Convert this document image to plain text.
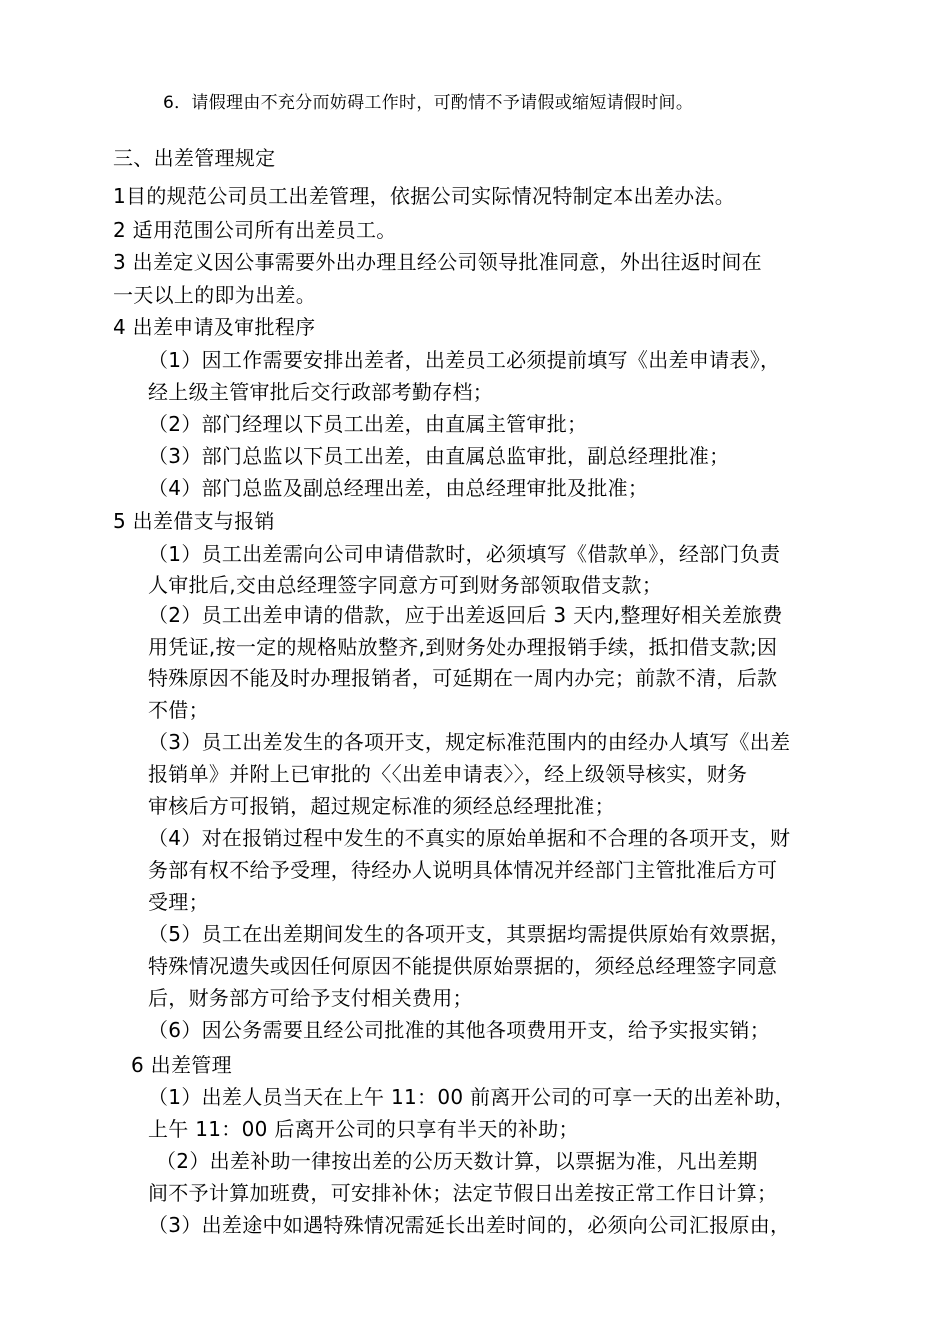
6．请假理由不充分而妨碍工作时，可酌情不予请假或缩短请假时间。
三、出差管理规定
1目的规范公司员工出差管理，依据公司实际情况特制定本出差办法。
2 适用范围公司所有出差员工。
3 出差定义因公事需要外出办理且经公司领导批准同意，外出往返时间在
一天以上的即为出差。
4 出差申请及审批程序
（1）因工作需要安排出差者，出差员工必须提前填写《出差申请表》，
经上级主管审批后交行政部考勤存档；
（2）部门经理以下员工出差，由直属主管审批；
（3）部门总监以下员工出差，由直属总监审批，副总经理批准；
（4）部门总监及副总经理出差，由总经理审批及批准；
5 出差借支与报销
（1）员工出差需向公司申请借款时，必须填写《借款单》，经部门负责
人审批后,交由总经理签字同意方可到财务部领取借支款；
（2）员工出差申请的借款，应于出差返回后 3 天内,整理好相关差旅费
用凭证,按一定的规格贴放整齐,到财务处办理报销手续，抵扣借支款;因
特殊原因不能及时办理报销者，可延期在一周内办完；前款不清，后款
不借；
（3）员工出差发生的各项开支，规定标准范围内的由经办人填写《出差
报销单》并附上已审批的〈〈出差申请表〉〉，经上级领导核实，财务
审核后方可报销，超过规定标准的须经总经理批准；
（4）对在报销过程中发生的不真实的原始单据和不合理的各项开支，财
务部有权不给予受理，待经办人说明具体情况并经部门主管批准后方可
受理；
（5）员工在出差期间发生的各项开支，其票据均需提供原始有效票据，
特殊情况遗失或因任何原因不能提供原始票据的，须经总经理签字同意
后，财务部方可给予支付相关费用；
（6）因公务需要且经公司批准的其他各项费用开支，给予实报实销；
6 出差管理
（1）出差人员当天在上午 11：00 前离开公司的可享一天的出差补助，
上午 11：00 后离开公司的只享有半天的补助；
（2）出差补助一律按出差的公历天数计算，以票据为准，凡出差期
间不予计算加班费，可安排补休；法定节假日出差按正常工作日计算；
（3）出差途中如遇特殊情况需延长出差时间的，必须向公司汇报原由，
